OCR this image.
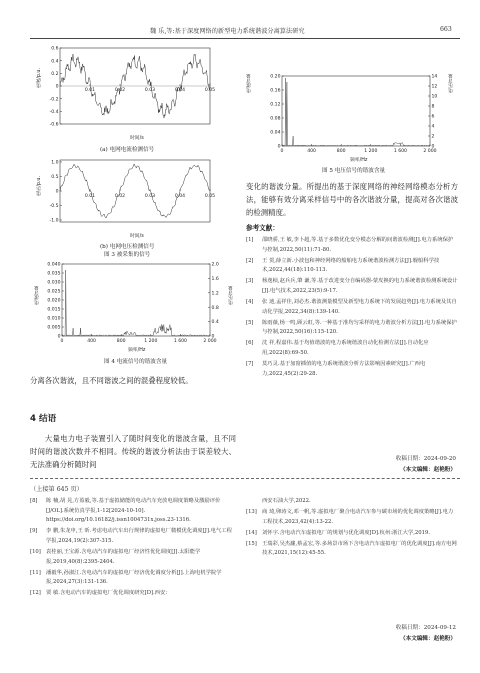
魏 乐,等:基于深度网络的新型电力系统谐波分离算法研究	663
电流/p.u.
0.6
0.4
0.2
0
-0.2
-0.4
-0.6
0.01	0.02	0.03	0.04	0.05
时间/s
(a) 电网电流检测信号
电压/p.u.
1.0
0.5
0
-0.5
-1.0
0.01	0.02	0.03	0.04	0.05
时间/s
(b) 电网电压检测信号
图 3 被采集的信号
电流含量	电压含量
0.040
0.035
0.030
0.025
0.020
0.015
0.010
0.005
0
2.0
1.6
1.2
0.8
0.4
0
0	400	800	1 200	1 600	2 000
频率/Hz
图 4 电流信号的谐波含量
分离各次谐波，且不同谐波之间的混叠程度较低。
4 结语
大量电力电子装置引入了随时间变化的谐波含量，且不同时间的谐波次数并不相同。传统的谐波分析法由于误差较大、无法准确分析随时间
电流含量	电压含量
0.20
0.16
0.12
0.08
0.04
0
14
12
10
8
6
4
2
0
0	400	800	1 200	1 600	2 000
频率/Hz
图 5 电压信号的谐波含量
变化的谐波分量。所提出的基于深度网络的神经网络模态分析方法，能够有效分离采样信号中的各次谐波分量，提高对各次谐波的检测精度。
参考文献：
[1] 邵晓骄,王 敏,李卜超,等.基于多数优化变分模态分解的间谐波检测[J].电力系统保护与控制,2022,50(11):71-80.
[2] 王 贺,薛立新.小波包和神经网络的船舶电力系统谐波检测方法[J].舰船科学技术,2022,44(18):110-113.
[3] 杨逸桢,赵兵兵,肇 谦,等.基于改进变分自编码器-蒙皮换的电力系统谐波检测系统设计[J].电气技术,2022,23(5):9-17.
[4] 张 迪,孟祥佳,刘必杰.谐波测量模型及新型电力系统下的发展趋势[J].电力系统及其自动化学报,2022,34(8):139-140.
[5] 陈雨薇,杨一鸣,顾云虹,等.一种基于准均匀采样的电力谐波分析方法[J].电力系统保护与控制,2022,50(16):115-120.
[6] 沈 祥,程嘉伟.基于均值谐波的电力系统谐波自动化检测方法[J].自动化应用,2022(8):69-50.
[7] 莫巧灵.基于加窗插值的电力系统谐波分析方法影响因素研究[J].广西电力,2022,45(2):29-28.
收稿日期：2024-09-20
（本文编辑：赵艳粉）
（上接第 645 页）
[8] 陈 楠,胡 晃,方盈毅,等.基于虚拟储能的电动汽车充放电调度策略及激励评价[J/OL].系统仿真学报,1-12[2024-10-10]. https://doi.org/10.16182/j.issn1004731x.joss.23-1316.
[9] 李 鹏,朱龙申,王 昕.考虑电动汽车出行规律的虚拟电厂微模优化调度[J].电气工程学报,2024,19(2):307-315.
[10] 袁桂丽,王宝源.含电动汽车的虚拟电厂经济性优化调度[J].太阳能学报,2019,40(8):2395-2404.
[11] 潘毅华,孙淑江.含电动汽车的虚拟电厂经济优化调度分析[J].上海电机学院学报,2024,27(3):131-136.
[12] 贾 敏.含电动汽车的虚拟电厂优化调度研究[D].西安:
西安石油大学,2022.
[13] 商 琦,卵涛文,邓一帆,等.虚拟电厂聚合电动汽车参与碳市场的优化调度策略[J].电力工程技术,2023,42(4):13-22.
[14] 刘怀宇.含电动汽车虚拟电厂的规划与优化调度[D].杭州:浙江大学,2019.
[15] 王瑞彩,吴杰濂,蔡孟宏,等.多场景市场下含电动汽车虚拟电厂的优化调度[J].南方电网技术,2021,15(12):45-55.
收稿日期：2024-09-12
（本文编辑：赵艳粉）
